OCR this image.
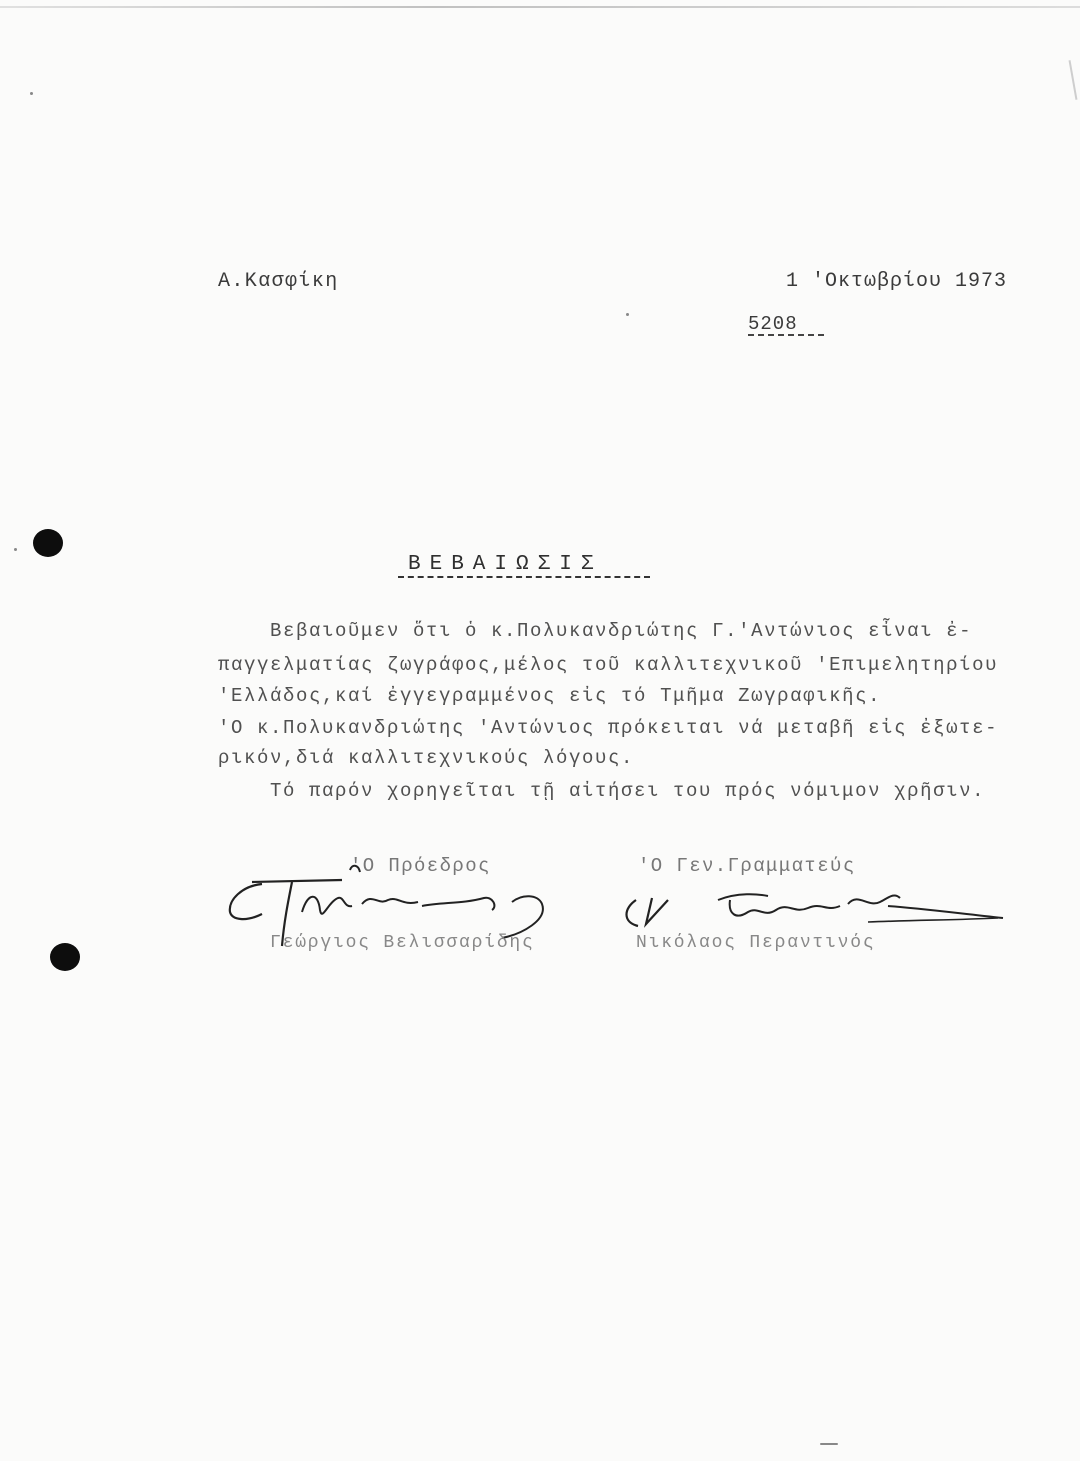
Α.Κασφίκη	1 'Οκτωβρίου 1973
5208
ΒΕΒΑΙΩΣΙΣ
Βεβαιοῦμεν ὅτι ὁ κ.Πολυκανδριώτης Γ.'Αντώνιος εἶναι ἐ-
παγγελματίας ζωγράφος,μέλος τοῦ καλλιτεχνικοῦ 'Επιμελητηρίου
'Ελλάδος,καί ἐγγεγραμμένος εἰς τό Τμῆμα Ζωγραφικῆς.
'Ο κ.Πολυκανδριώτης 'Αντώνιος πρόκειται νά μεταβῆ εἰς ἐξωτε-
ρικόν,διά καλλιτεχνικούς λόγους.
Τό παρόν χορηγεῖται τῇ αἰτήσει του πρός νόμιμον χρῆσιν.
'Ο Πρόεδρος	'Ο Γεν.Γραμματεύς
Γεώργιος Βελισσαρίδης	Νικόλαος Περαντινός
